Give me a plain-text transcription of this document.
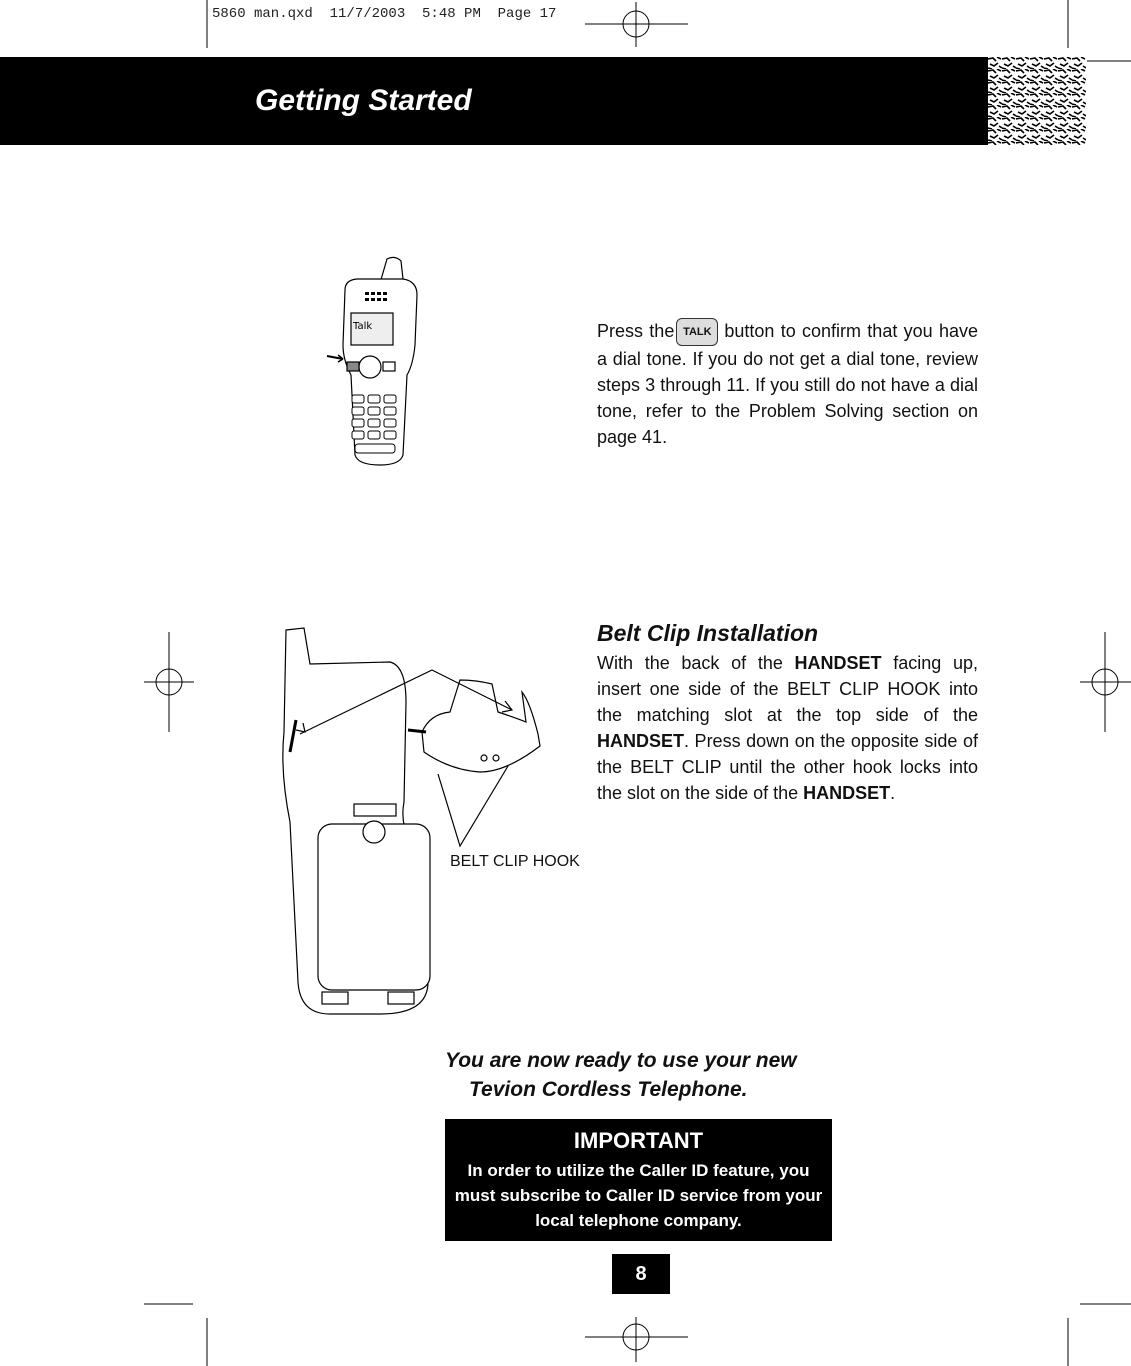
5860 man.qxd  11/7/2003  5:48 PM  Page 17
Getting Started
Talk	Press the TALK button to confirm that you have a dial tone. If you do not get a dial tone, review steps 3 through 11. If you still do not have a dial tone, refer to the Problem Solving section on page 41.
Belt Clip Installation
With the back of the HANDSET facing up, insert one side of the BELT CLIP HOOK into the matching slot at the top side of the HANDSET. Press down on the opposite side of the BELT CLIP until the other hook locks into the slot on the side of the HANDSET.
BELT CLIP HOOK
You are now ready to use your new
Tevion Cordless Telephone.
IMPORTANT
In order to utilize the Caller ID feature, you must subscribe to Caller ID service from your local telephone company.
8
